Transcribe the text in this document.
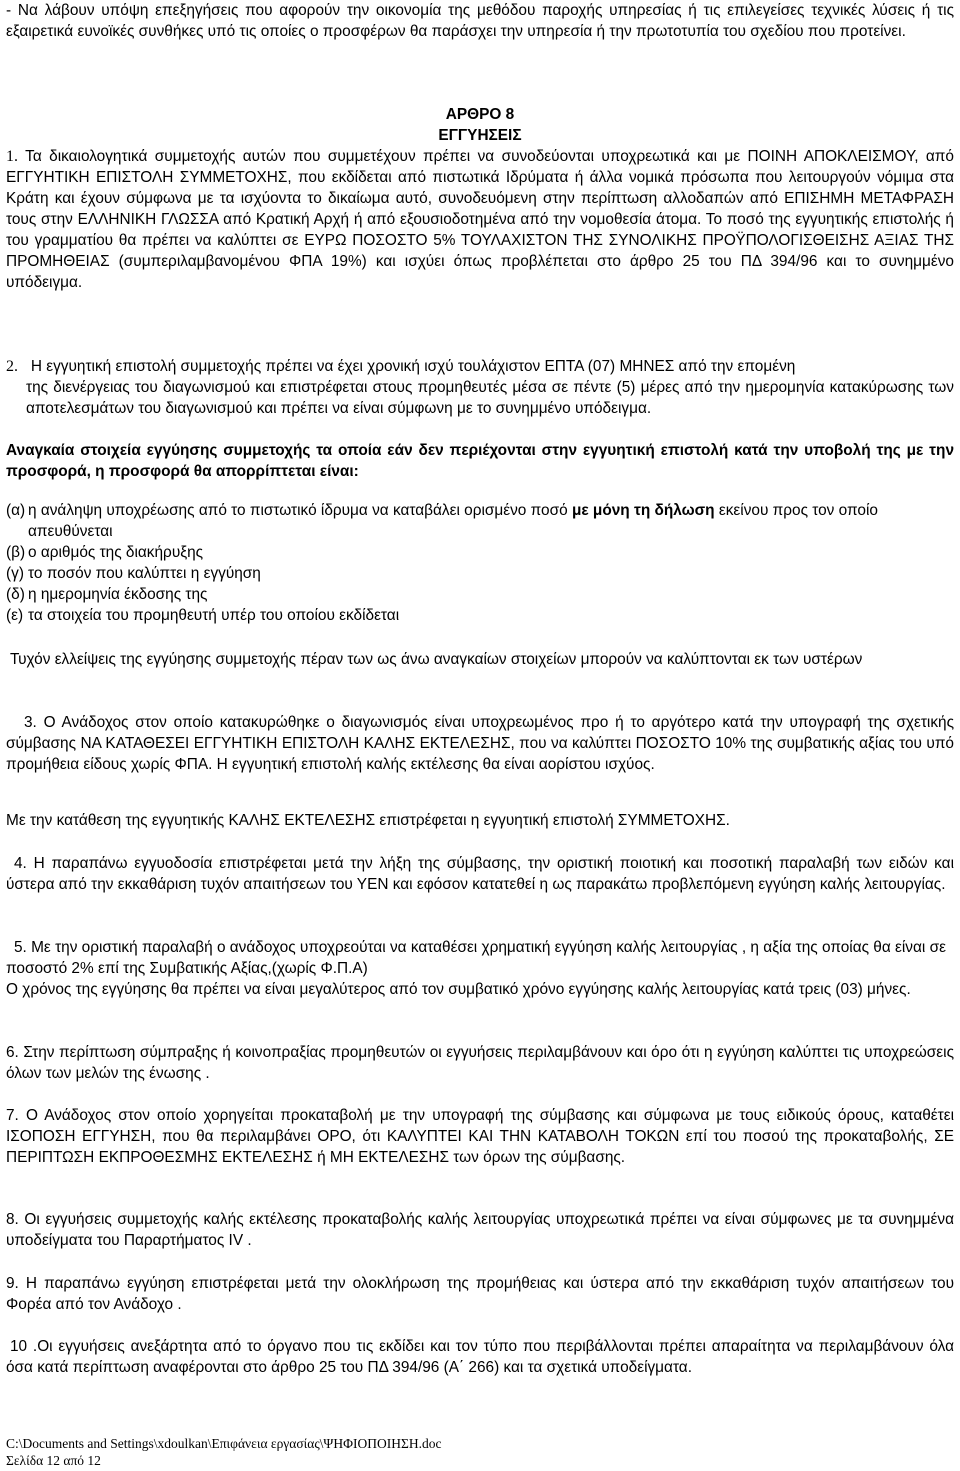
- Να λάβουν υπόψη επεξηγήσεις που αφορούν την οικονομία της μεθόδου παροχής υπηρεσίας ή τις επιλεγείσες τεχνικές λύσεις ή τις εξαιρετικά ευνοϊκές συνθήκες υπό τις οποίες ο προσφέρων θα παράσχει την υπηρεσία ή την πρωτοτυπία του σχεδίου που προτείνει.

ΑΡΘΡΟ 8
ΕΓΓΥΗΣΕΙΣ

1. Τα δικαιολογητικά συμμετοχής αυτών που συμμετέχουν πρέπει να συνοδεύονται υποχρεωτικά και με ΠΟΙΝΗ ΑΠΟΚΛΕΙΣΜΟΥ, από ΕΓΓΥΗΤΙΚΗ ΕΠΙΣΤΟΛΗ ΣΥΜΜΕΤΟΧΗΣ, που εκδίδεται από πιστωτικά Ιδρύματα ή άλλα νομικά πρόσωπα που λειτουργούν νόμιμα στα Κράτη και έχουν σύμφωνα με τα ισχύοντα το δικαίωμα αυτό, συνοδευόμενη στην περίπτωση αλλοδαπών από ΕΠΙΣΗΜΗ ΜΕΤΑΦΡΑΣΗ τους στην ΕΛΛΗΝΙΚΗ ΓΛΩΣΣΑ από Κρατική Αρχή ή από εξουσιοδοτημένα από την νομοθεσία άτομα. Το ποσό της εγγυητικής επιστολής ή του γραμματίου θα πρέπει να καλύπτει σε ΕΥΡΩ ΠΟΣΟΣΤΟ 5% ΤΟΥΛΑΧΙΣΤΟΝ ΤΗΣ ΣΥΝΟΛΙΚΗΣ ΠΡΟΫΠΟΛΟΓΙΣΘΕΙΣΗΣ ΑΞΙΑΣ ΤΗΣ ΠΡΟΜΗΘΕΙΑΣ (συμπεριλαμβανομένου ΦΠΑ 19%) και ισχύει όπως προβλέπεται στο άρθρο 25 του ΠΔ 394/96 και το συνημμένο υπόδειγμα.

2. Η εγγυητική επιστολή συμμετοχής πρέπει να έχει χρονική ισχύ τουλάχιστον ΕΠΤΑ (07) ΜΗΝΕΣ από την επομένη

της διενέργειας του διαγωνισμού και επιστρέφεται στους προμηθευτές μέσα σε πέντε (5) μέρες από την ημερομηνία κατακύρωσης των αποτελεσμάτων του διαγωνισμού και πρέπει να είναι σύμφωνη με το συνημμένο υπόδειγμα.

Αναγκαία στοιχεία εγγύησης συμμετοχής τα οποία εάν δεν περιέχονται στην εγγυητική επιστολή κατά την υποβολή της με την προσφορά, η προσφορά θα απορρίπτεται είναι:

(α) η ανάληψη υποχρέωσης από το πιστωτικό ίδρυμα να καταβάλει ορισμένο ποσό με μόνη τη δήλωση εκείνου προς τον οποίο απευθύνεται
(β) ο αριθμός της διακήρυξης
(γ) το ποσόν που καλύπτει η εγγύηση
(δ) η ημερομηνία έκδοσης της
(ε) τα στοιχεία του προμηθευτή υπέρ του οποίου εκδίδεται

Τυχόν ελλείψεις της εγγύησης συμμετοχής πέραν των ως άνω αναγκαίων στοιχείων μπορούν να καλύπτονται εκ των υστέρων

3. Ο Ανάδοχος στον οποίο κατακυρώθηκε ο διαγωνισμός είναι υποχρεωμένος προ ή το αργότερο κατά την υπογραφή της σχετικής σύμβασης ΝΑ ΚΑΤΑΘΕΣΕΙ ΕΓΓΥΗΤΙΚΗ ΕΠΙΣΤΟΛΗ ΚΑΛΗΣ ΕΚΤΕΛΕΣΗΣ, που να καλύπτει ΠΟΣΟΣΤΟ 10% της συμβατικής αξίας του υπό προμήθεια είδους χωρίς ΦΠΑ. Η εγγυητική επιστολή καλής εκτέλεσης θα είναι αορίστου ισχύος.

Με την κατάθεση της εγγυητικής ΚΑΛΗΣ ΕΚΤΕΛΕΣΗΣ επιστρέφεται η εγγυητική επιστολή ΣΥΜΜΕΤΟΧΗΣ.

4. Η παραπάνω εγγυοδοσία επιστρέφεται μετά την λήξη της σύμβασης, την οριστική ποιοτική και ποσοτική παραλαβή των ειδών και ύστερα από την εκκαθάριση τυχόν απαιτήσεων του ΥΕΝ και εφόσον κατατεθεί η ως παρακάτω προβλεπόμενη εγγύηση καλής λειτουργίας.

5. Με την οριστική παραλαβή ο ανάδοχος υποχρεούται να καταθέσει χρηματική εγγύηση καλής λειτουργίας , η αξία της οποίας θα είναι σε ποσοστό 2% επί της Συμβατικής Αξίας,(χωρίς Φ.Π.Α)

Ο χρόνος της εγγύησης θα πρέπει να είναι μεγαλύτερος από τον συμβατικό χρόνο εγγύησης καλής λειτουργίας κατά τρεις (03) μήνες.

6. Στην περίπτωση σύμπραξης ή κοινοπραξίας προμηθευτών οι εγγυήσεις περιλαμβάνουν και όρο ότι η εγγύηση καλύπτει τις υποχρεώσεις όλων των μελών της ένωσης .

7. Ο Ανάδοχος στον οποίο χορηγείται προκαταβολή με την υπογραφή της σύμβασης και σύμφωνα με τους ειδικούς όρους, καταθέτει ΙΣΟΠΟΣΗ ΕΓΓΥΗΣΗ, που θα περιλαμβάνει ΟΡΟ, ότι ΚΑΛΥΠΤΕΙ ΚΑΙ ΤΗΝ ΚΑΤΑΒΟΛΗ ΤΟΚΩΝ επί του ποσού της προκαταβολής, ΣΕ ΠΕΡΙΠΤΩΣΗ ΕΚΠΡΟΘΕΣΜΗΣ ΕΚΤΕΛΕΣΗΣ ή ΜΗ ΕΚΤΕΛΕΣΗΣ των όρων της σύμβασης.

8. Οι εγγυήσεις συμμετοχής καλής εκτέλεσης προκαταβολής καλής λειτουργίας υποχρεωτικά πρέπει να είναι σύμφωνες με τα συνημμένα υποδείγματα του Παραρτήματος IV .

9. Η παραπάνω εγγύηση επιστρέφεται μετά την ολοκλήρωση της προμήθειας και ύστερα από την εκκαθάριση τυχόν απαιτήσεων του Φορέα από τον Ανάδοχο .

10 .Οι εγγυήσεις ανεξάρτητα από το όργανο που τις εκδίδει και τον τύπο που περιβάλλονται πρέπει απαραίτητα να περιλαμβάνουν όλα όσα κατά περίπτωση αναφέρονται στο άρθρο 25 του ΠΔ 394/96 (Α΄ 266) και τα σχετικά υποδείγματα.

C:\Documents and Settings\xdoulkan\Επιφάνεια εργασίας\ΨΗΦΙΟΠΟΙΗΣΗ.doc
Σελίδα 12 από 12
